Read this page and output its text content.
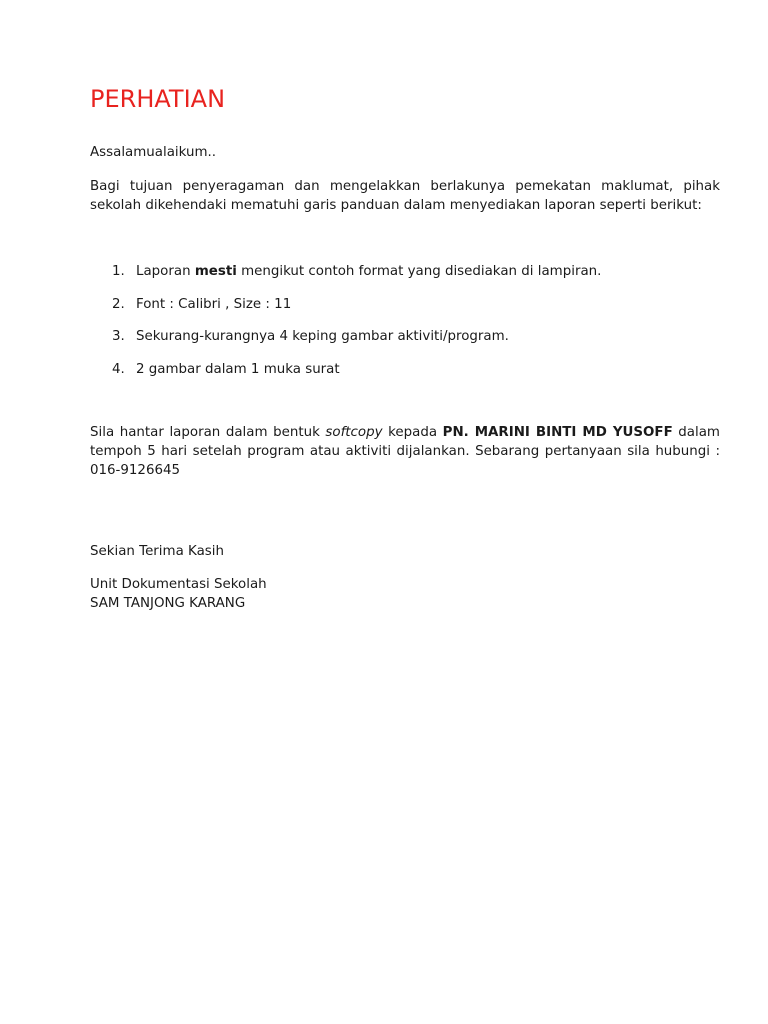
PERHATIAN

Assalamualaikum..

Bagi tujuan penyeragaman dan mengelakkan berlakunya pemekatan maklumat, pihak sekolah dikehendaki mematuhi garis panduan dalam menyediakan laporan seperti berikut:

1. Laporan mesti mengikut contoh format yang disediakan di lampiran.
2. Font : Calibri , Size : 11
3. Sekurang-kurangnya 4 keping gambar aktiviti/program.
4. 2 gambar dalam 1 muka surat

Sila hantar laporan dalam bentuk softcopy kepada PN. MARINI BINTI MD YUSOFF dalam tempoh 5 hari setelah program atau aktiviti dijalankan. Sebarang pertanyaan sila hubungi : 016-9126645

Sekian Terima Kasih

Unit Dokumentasi Sekolah
SAM TANJONG KARANG
